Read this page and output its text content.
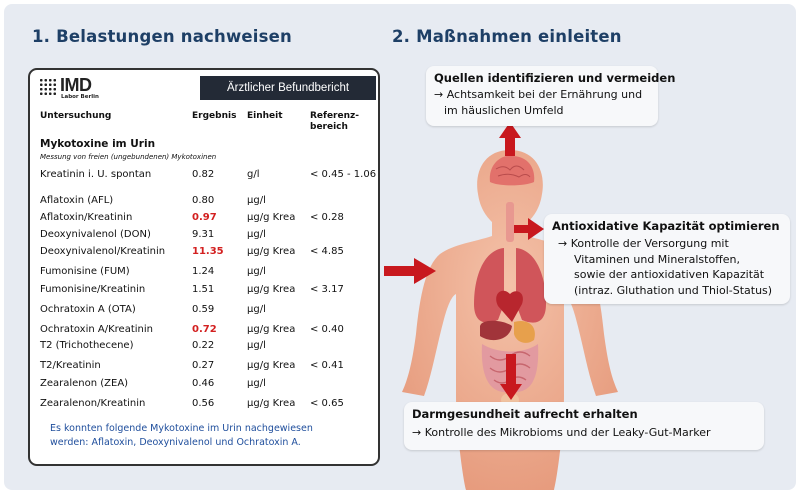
1. Belastungen nachweisen	2. Maßnahmen einleiten
IMD
Labor Berlin
Ärztlicher Befundbericht
Untersuchung	Ergebnis Einheit	Referenz-
bereich
Mykotoxine im Urin
Messung von freien (ungebundenen) Mykotoxinen
Kreatinin i. U. spontan	0.82	g/l	< 0.45 - 1.06
Aflatoxin (AFL)	0.80	µg/l
Aflatoxin/Kreatinin	0.97	µg/g Krea < 0.28
Deoxynivalenol (DON)	9.31	µg/l
Deoxynivalenol/Kreatinin	11.35 µg/g Krea < 4.85
Fumonisine (FUM)	1.24	µg/l
Fumonisine/Kreatinin	1.51	µg/g Krea < 3.17
Ochratoxin A (OTA)	0.59	µg/l
Ochratoxin A/Kreatinin	0.72	µg/g Krea < 0.40
T2 (Trichothecene)	0.22	µg/l
T2/Kreatinin	0.27	µg/g Krea < 0.41
Zearalenon (ZEA)	0.46	µg/l
Zearalenon/Kreatinin	0.56	µg/g Krea < 0.65
Es konnten folgende Mykotoxine im Urin nachgewiesen
werden: Aflatoxin, Deoxynivalenol und Ochratoxin A.
Quellen identifizieren und vermeiden
→ Achtsamkeit bei der Ernährung und
im häuslichen Umfeld
Antioxidative Kapazität optimieren
→ Kontrolle der Versorgung mit
Vitaminen und Mineralstoffen,
sowie der antioxidativen Kapazität
(intraz. Gluthation und Thiol-Status)
Darmgesundheit aufrecht erhalten
→ Kontrolle des Mikrobioms und der Leaky-Gut-Marker
